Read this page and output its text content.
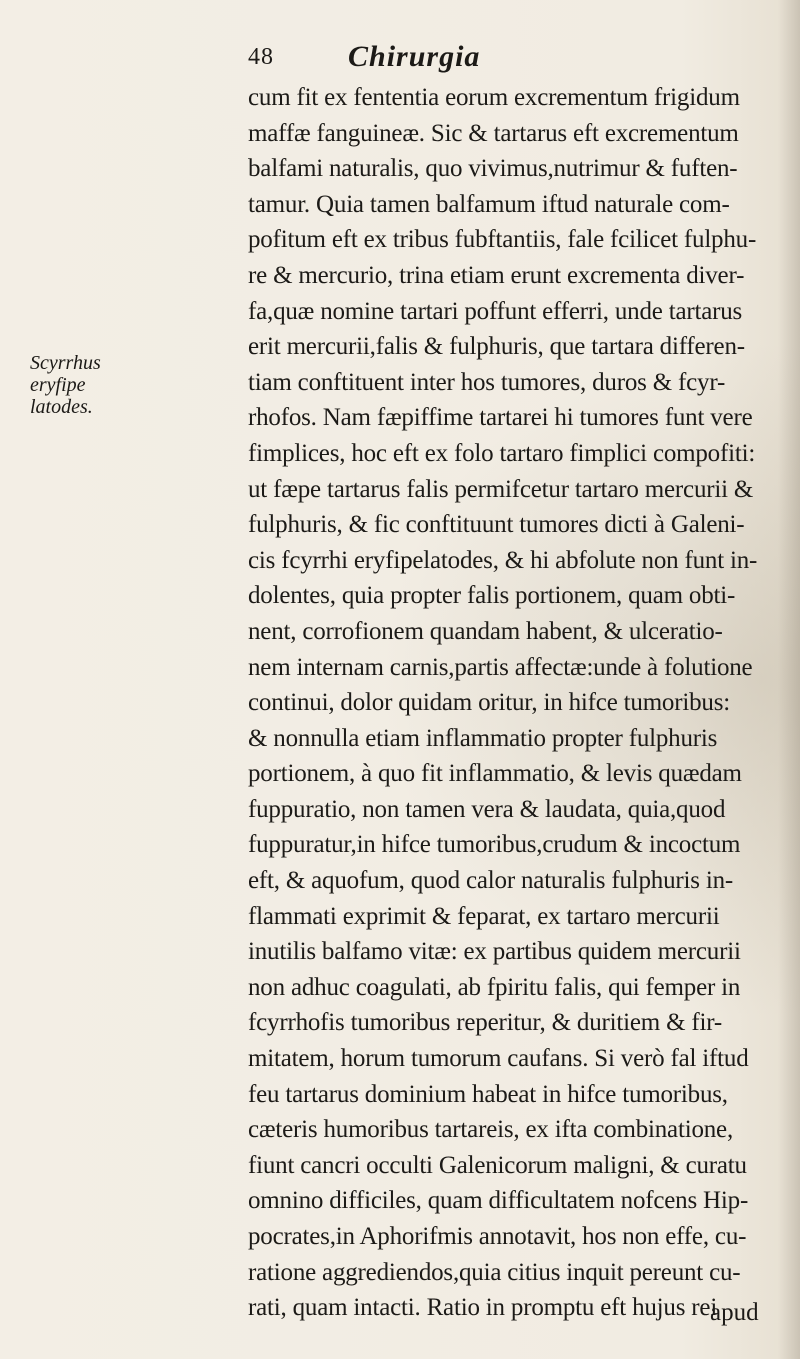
48 Chirurgia
Scyrrhus
eryfipe
latodes.
cum fit ex fententia eorum excrementum frigidum
maffæ fanguineæ. Sic & tartarus eft excrementum
balfami naturalis, quo vivimus,nutrimur & fuften-
tamur. Quia tamen balfamum iftud naturale com-
pofitum eft ex tribus fubftantiis, fale fcilicet fulphu-
re & mercurio, trina etiam erunt excrementa diver-
fa,quæ nomine tartari poffunt efferri, unde tartarus
erit mercurii,falis & fulphuris, que tartara differen-
tiam conftituent inter hos tumores, duros & fcyr-
rhofos. Nam fæpiffime tartarei hi tumores funt vere
fimplices, hoc eft ex folo tartaro fimplici compofiti:
ut fæpe tartarus falis permifcetur tartaro mercurii &
fulphuris, & fic conftituunt tumores dicti à Galeni-
cis fcyrrhi eryfipelatodes, & hi abfolute non funt in-
dolentes, quia propter falis portionem, quam obti-
nent, corrofionem quandam habent, & ulceratio-
nem internam carnis,partis affectæ:unde à folutione
continui, dolor quidam oritur, in hifce tumoribus:
& nonnulla etiam inflammatio propter fulphuris
portionem, à quo fit inflammatio, & levis quædam
fuppuratio, non tamen vera & laudata, quia,quod
fuppuratur,in hifce tumoribus,crudum & incoctum
eft, & aquofum, quod calor naturalis fulphuris in-
flammati exprimit & feparat, ex tartaro mercurii
inutilis balfamo vitæ: ex partibus quidem mercurii
non adhuc coagulati, ab fpiritu falis, qui femper in
fcyrrhofis tumoribus reperitur, & duritiem & fir-
mitatem, horum tumorum caufans. Si verò fal iftud
feu tartarus dominium habeat in hifce tumoribus,
cæteris humoribus tartareis, ex ifta combinatione,
fiunt cancri occulti Galenicorum maligni, & curatu
omnino difficiles, quam difficultatem nofcens Hip-
pocrates,in Aphorifmis annotavit, hos non effe, cu-
ratione aggrediendos,quia citius inquit pereunt cu-
rati, quam intacti. Ratio in promptu eft hujus rei
apud
